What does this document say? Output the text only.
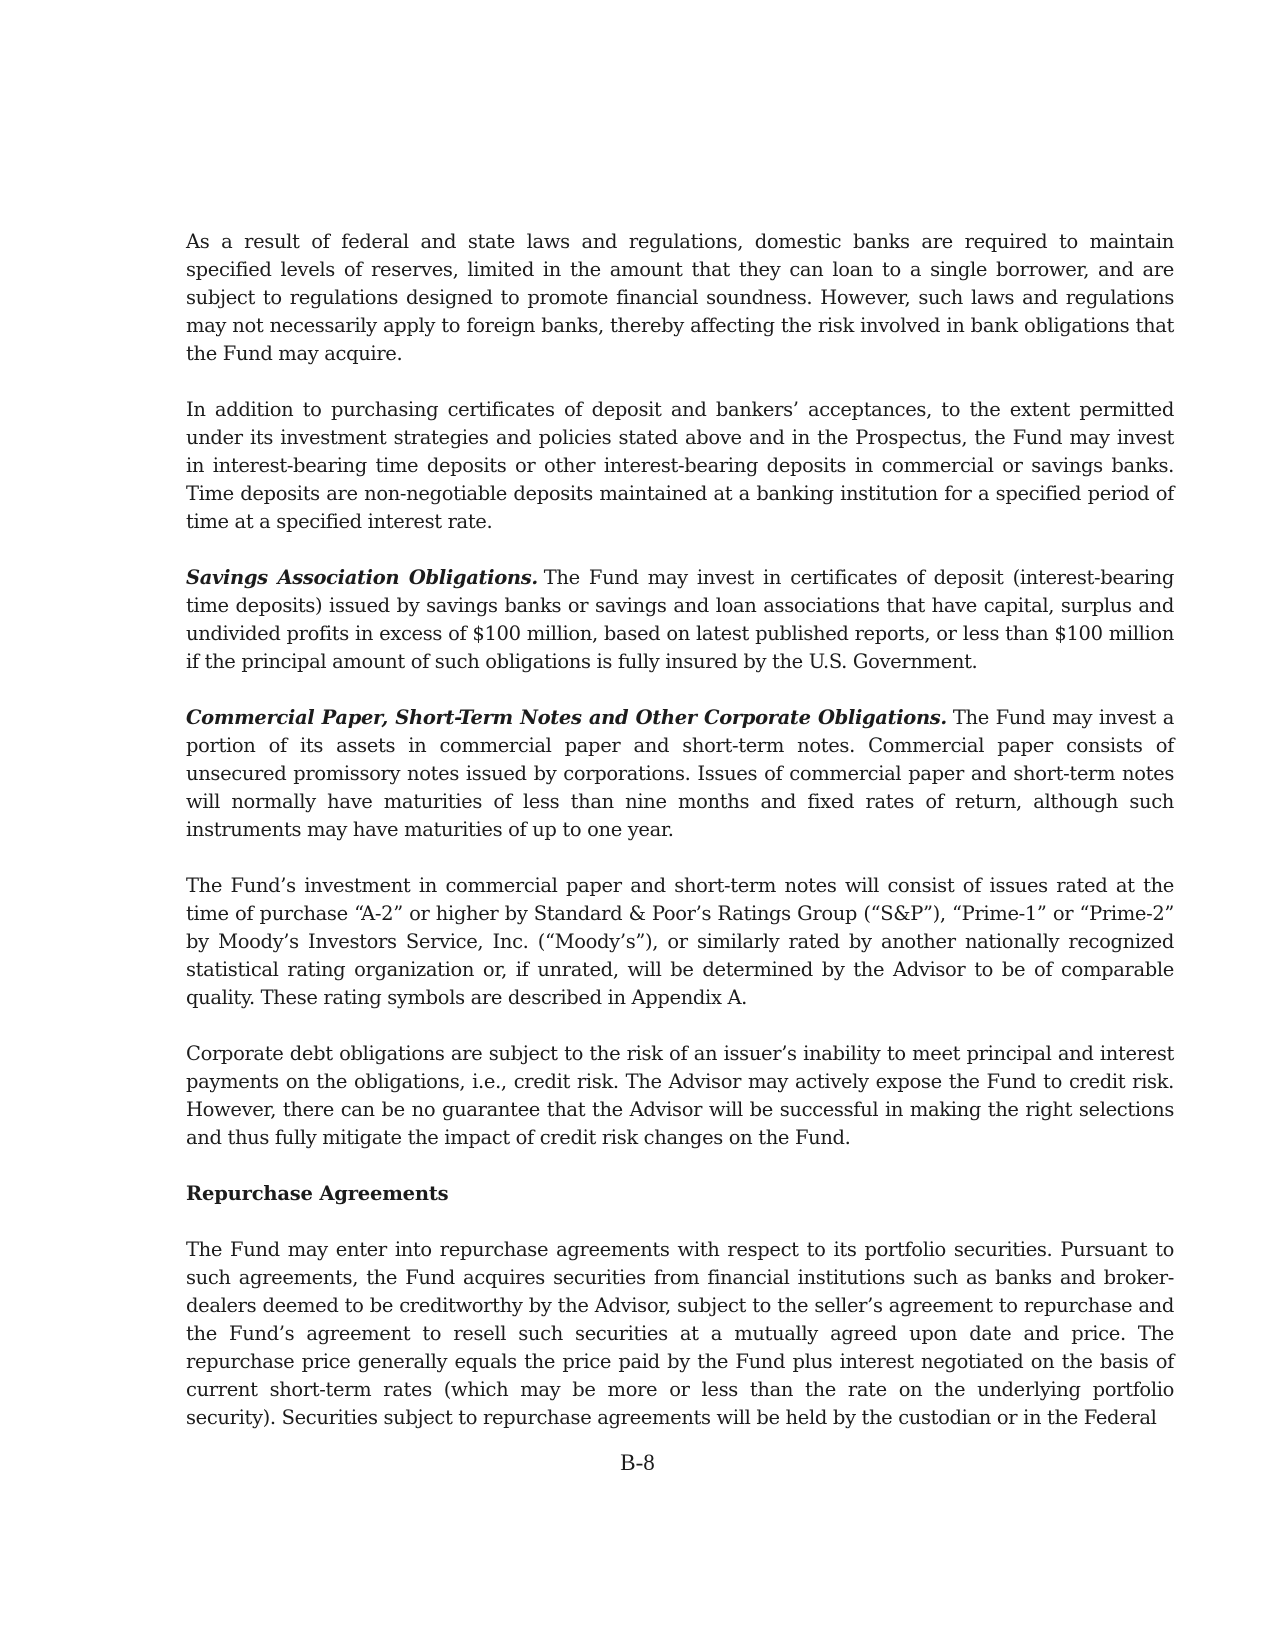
As a result of federal and state laws and regulations, domestic banks are required to maintain specified levels of reserves, limited in the amount that they can loan to a single borrower, and are subject to regulations designed to promote financial soundness. However, such laws and regulations may not necessarily apply to foreign banks, thereby affecting the risk involved in bank obligations that the Fund may acquire.

In addition to purchasing certificates of deposit and bankers’ acceptances, to the extent permitted under its investment strategies and policies stated above and in the Prospectus, the Fund may invest in interest-bearing time deposits or other interest-bearing deposits in commercial or savings banks. Time deposits are non-negotiable deposits maintained at a banking institution for a specified period of time at a specified interest rate.

Savings Association Obligations. The Fund may invest in certificates of deposit (interest-bearing time deposits) issued by savings banks or savings and loan associations that have capital, surplus and undivided profits in excess of $100 million, based on latest published reports, or less than $100 million if the principal amount of such obligations is fully insured by the U.S. Government.

Commercial Paper, Short-Term Notes and Other Corporate Obligations. The Fund may invest a portion of its assets in commercial paper and short-term notes. Commercial paper consists of unsecured promissory notes issued by corporations. Issues of commercial paper and short-term notes will normally have maturities of less than nine months and fixed rates of return, although such instruments may have maturities of up to one year.

The Fund’s investment in commercial paper and short-term notes will consist of issues rated at the time of purchase “A-2” or higher by Standard & Poor’s Ratings Group (“S&P”), “Prime-1” or “Prime-2” by Moody’s Investors Service, Inc. (“Moody’s”), or similarly rated by another nationally recognized statistical rating organization or, if unrated, will be determined by the Advisor to be of comparable quality. These rating symbols are described in Appendix A.

Corporate debt obligations are subject to the risk of an issuer’s inability to meet principal and interest payments on the obligations, i.e., credit risk. The Advisor may actively expose the Fund to credit risk. However, there can be no guarantee that the Advisor will be successful in making the right selections and thus fully mitigate the impact of credit risk changes on the Fund.

Repurchase Agreements

The Fund may enter into repurchase agreements with respect to its portfolio securities. Pursuant to such agreements, the Fund acquires securities from financial institutions such as banks and broker-dealers deemed to be creditworthy by the Advisor, subject to the seller’s agreement to repurchase and the Fund’s agreement to resell such securities at a mutually agreed upon date and price. The repurchase price generally equals the price paid by the Fund plus interest negotiated on the basis of current short-term rates (which may be more or less than the rate on the underlying portfolio security). Securities subject to repurchase agreements will be held by the custodian or in the Federal

B-8
